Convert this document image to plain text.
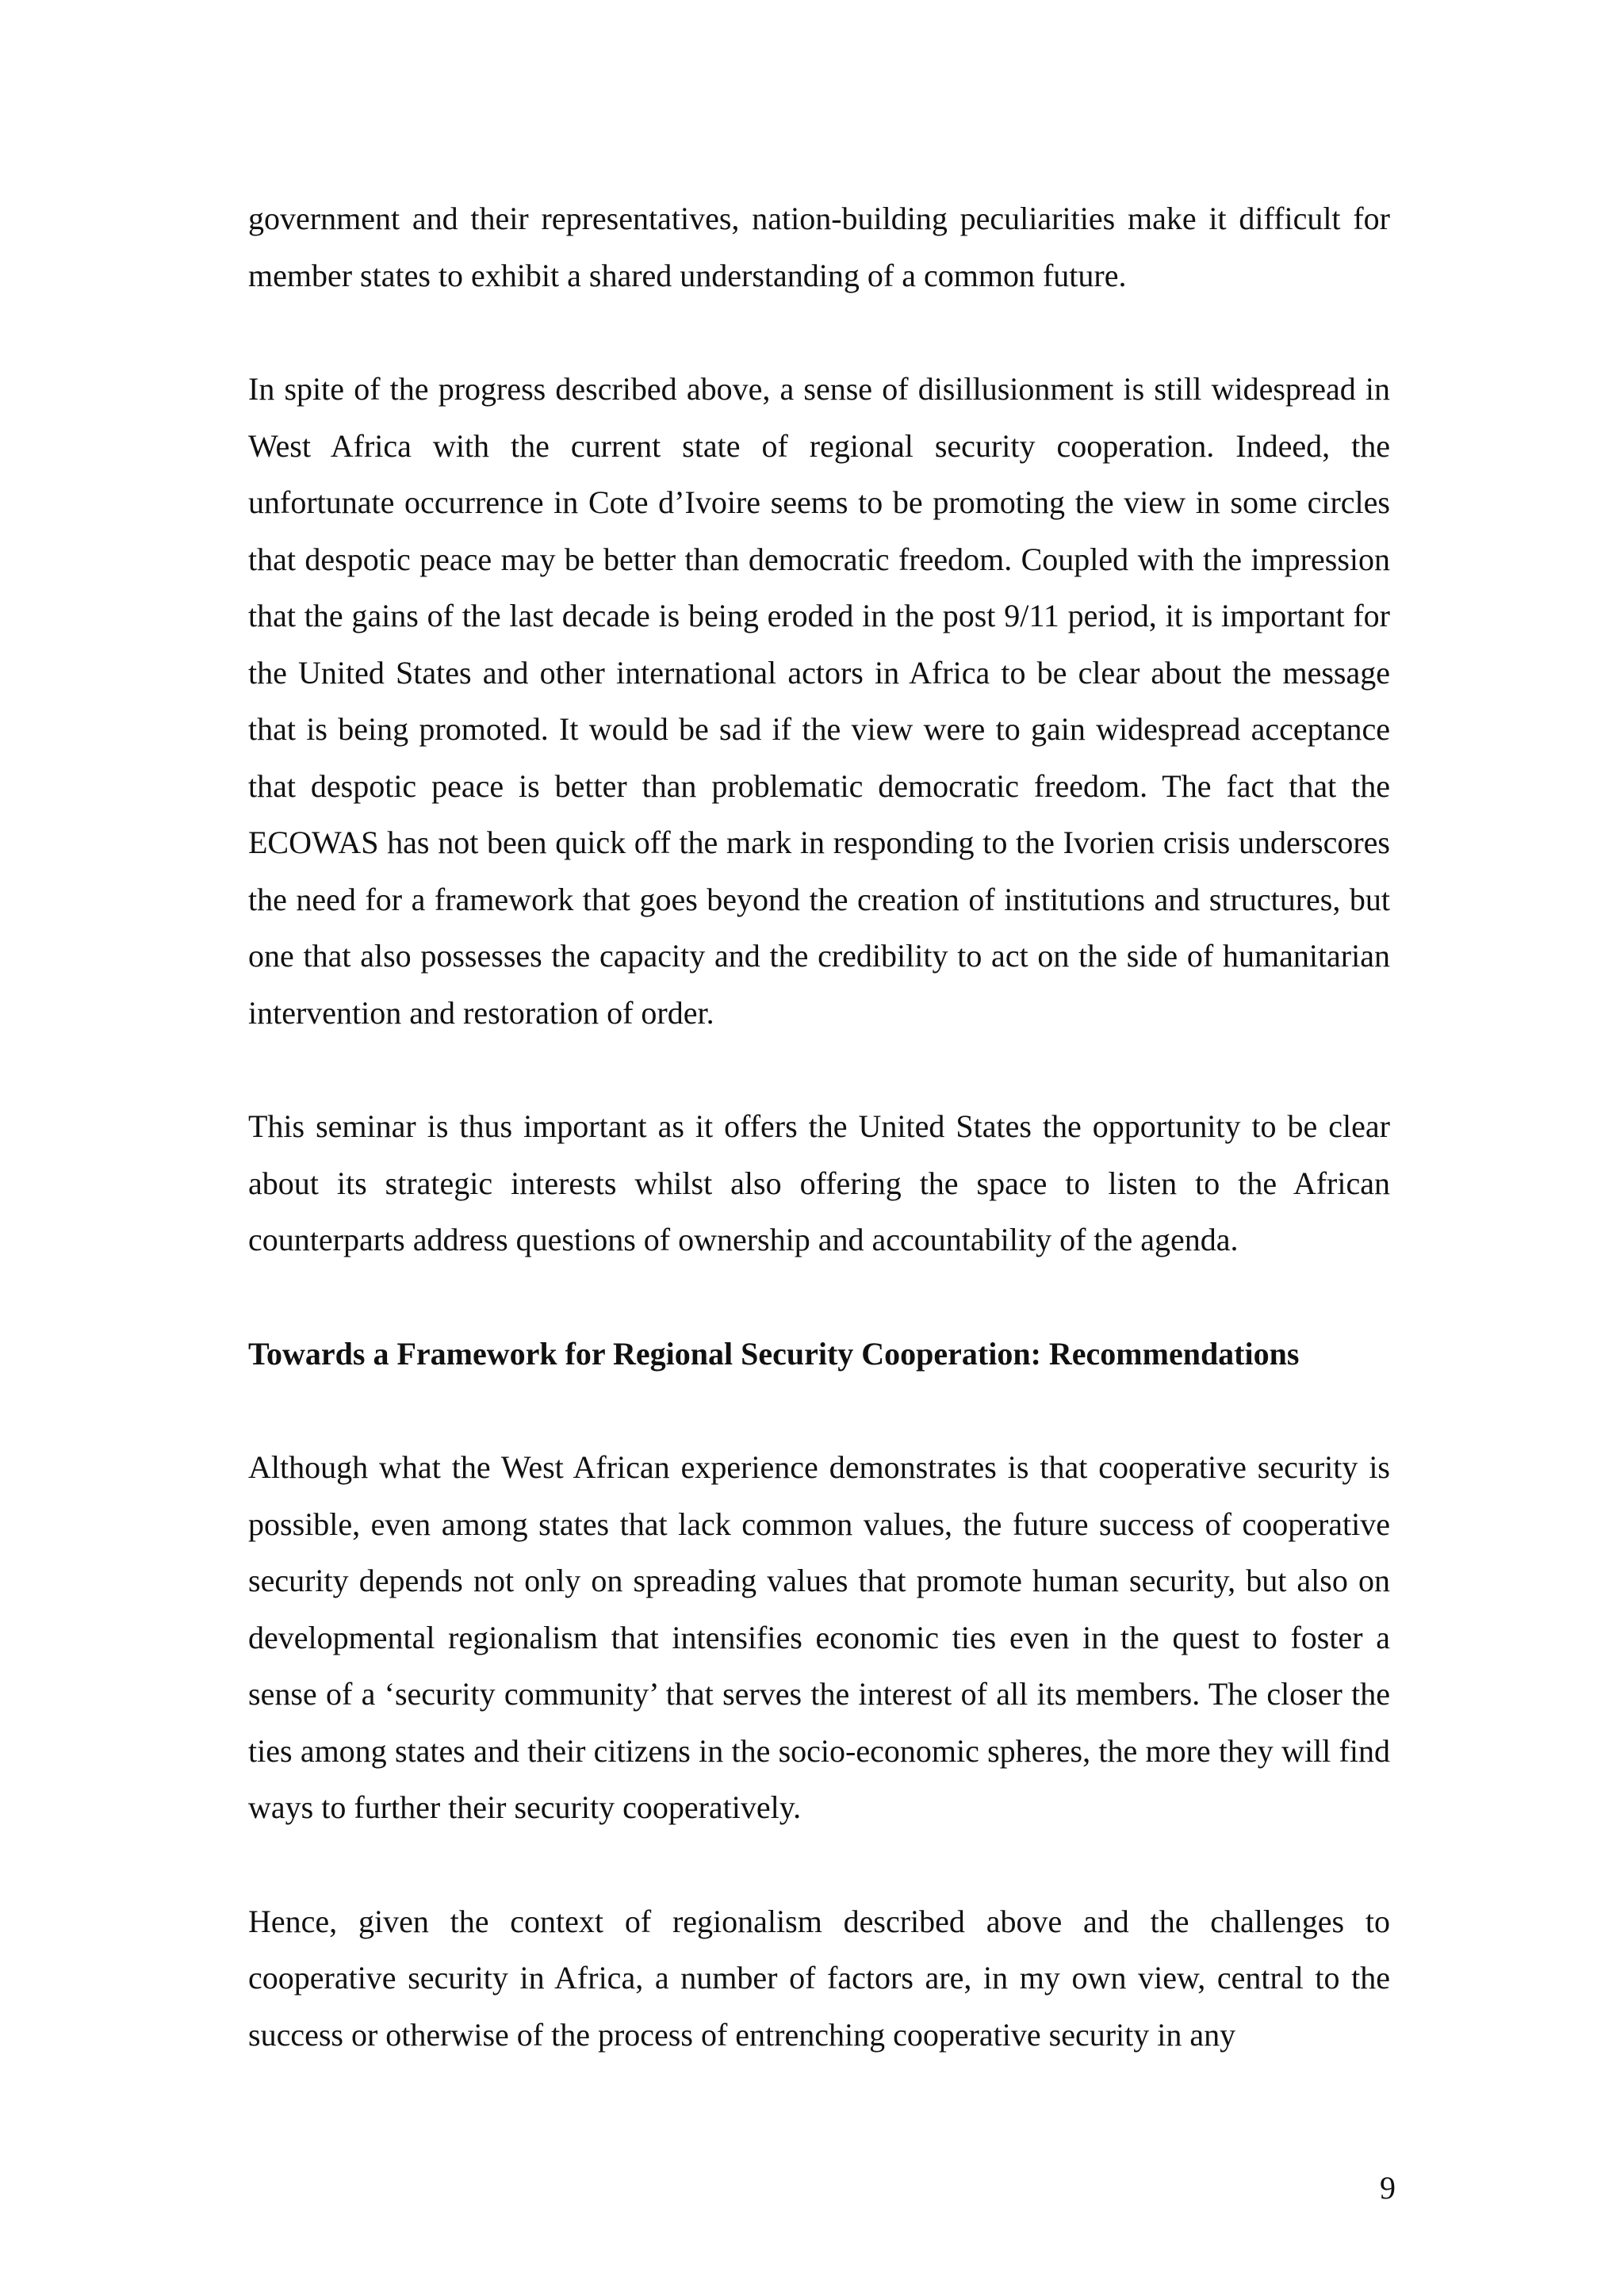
government and their representatives, nation-building peculiarities make it difficult for member states to exhibit a shared understanding of a common future.

In spite of the progress described above, a sense of disillusionment is still widespread in West Africa with the current state of regional security cooperation. Indeed, the unfortunate occurrence in Cote d’Ivoire seems to be promoting the view in some circles that despotic peace may be better than democratic freedom. Coupled with the impression that the gains of the last decade is being eroded in the post 9/11 period, it is important for the United States and other international actors in Africa to be clear about the message that is being promoted. It would be sad if the view were to gain widespread acceptance that despotic peace is better than problematic democratic freedom. The fact that the ECOWAS has not been quick off the mark in responding to the Ivorien crisis underscores the need for a framework that goes beyond the creation of institutions and structures, but one that also possesses the capacity and the credibility to act on the side of humanitarian intervention and restoration of order.

This seminar is thus important as it offers the United States the opportunity to be clear about its strategic interests whilst also offering the space to listen to the African counterparts address questions of ownership and accountability of the agenda.

Towards a Framework for Regional Security Cooperation: Recommendations

Although what the West African experience demonstrates is that cooperative security is possible, even among states that lack common values, the future success of cooperative security depends not only on spreading values that promote human security, but also on developmental regionalism that intensifies economic ties even in the quest to foster a sense of a ‘security community’ that serves the interest of all its members. The closer the ties among states and their citizens in the socio-economic spheres, the more they will find ways to further their security cooperatively.

Hence, given the context of regionalism described above and the challenges to cooperative security in Africa, a number of factors are, in my own view, central to the success or otherwise of the process of entrenching cooperative security in any

9
